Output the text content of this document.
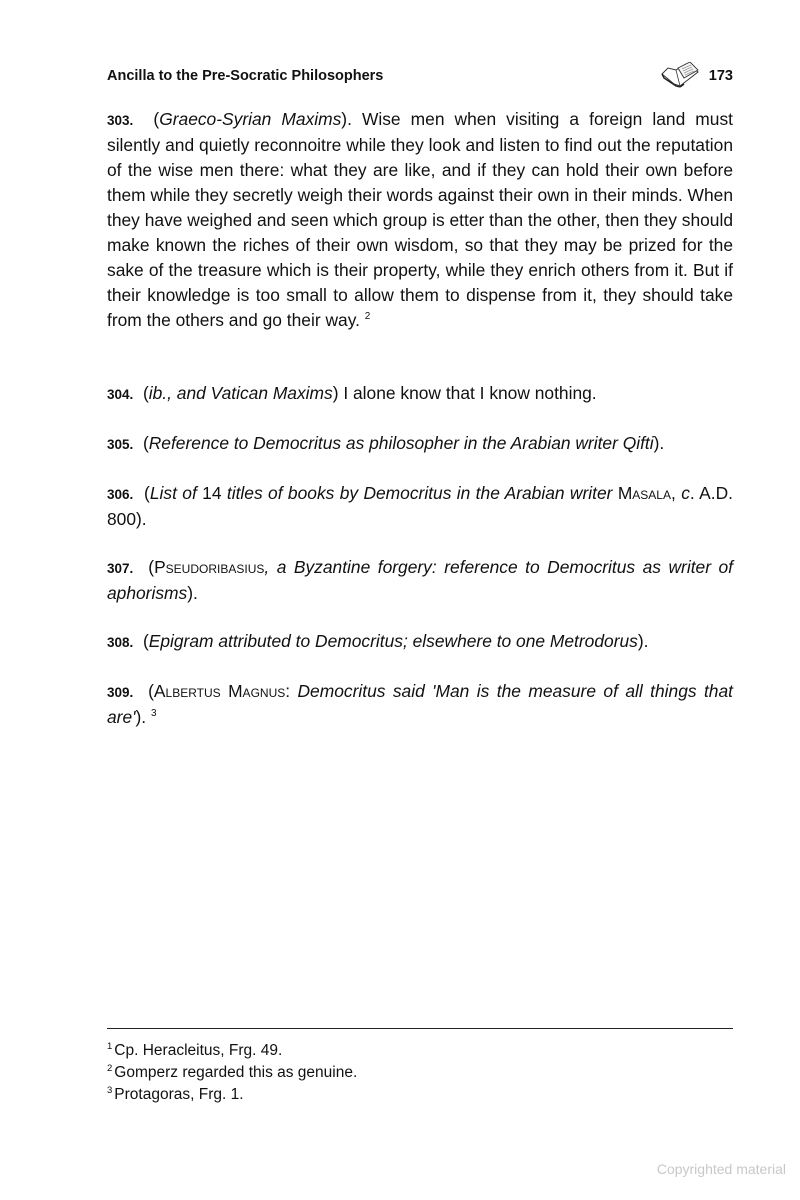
Ancilla to the Pre-Socratic Philosophers	173
303. (Graeco-Syrian Maxims). Wise men when visiting a foreign land must silently and quietly reconnoitre while they look and listen to find out the reputation of the wise men there: what they are like, and if they can hold their own before them while they secretly weigh their words against their own in their minds. When they have weighed and seen which group is etter than the other, then they should make known the riches of their own wisdom, so that they may be prized for the sake of the treasure which is their property, while they enrich others from it. But if their knowledge is too small to allow them to dispense from it, they should take from the others and go their way. $^2$
304. (ib., and Vatican Maxims) I alone know that I know nothing.
305. (Reference to Democritus as philosopher in the Arabian writer Qifti).
306. (List of 14 titles of books by Democritus in the Arabian writer Masala, c. A.D. 800).
307. (Pseudoribasius, a Byzantine forgery: reference to Democritus as writer of aphorisms).
308. (Epigram attributed to Democritus; elsewhere to one Metrodorus).
309. (Albertus Magnus: Democritus said 'Man is the measure of all things that are'). $^3$
$^1$ Cp. Heracleitus, Frg. 49.
$^2$ Gomperz regarded this as genuine.
$^3$ Protagoras, Frg. 1.
Copyrighted material
